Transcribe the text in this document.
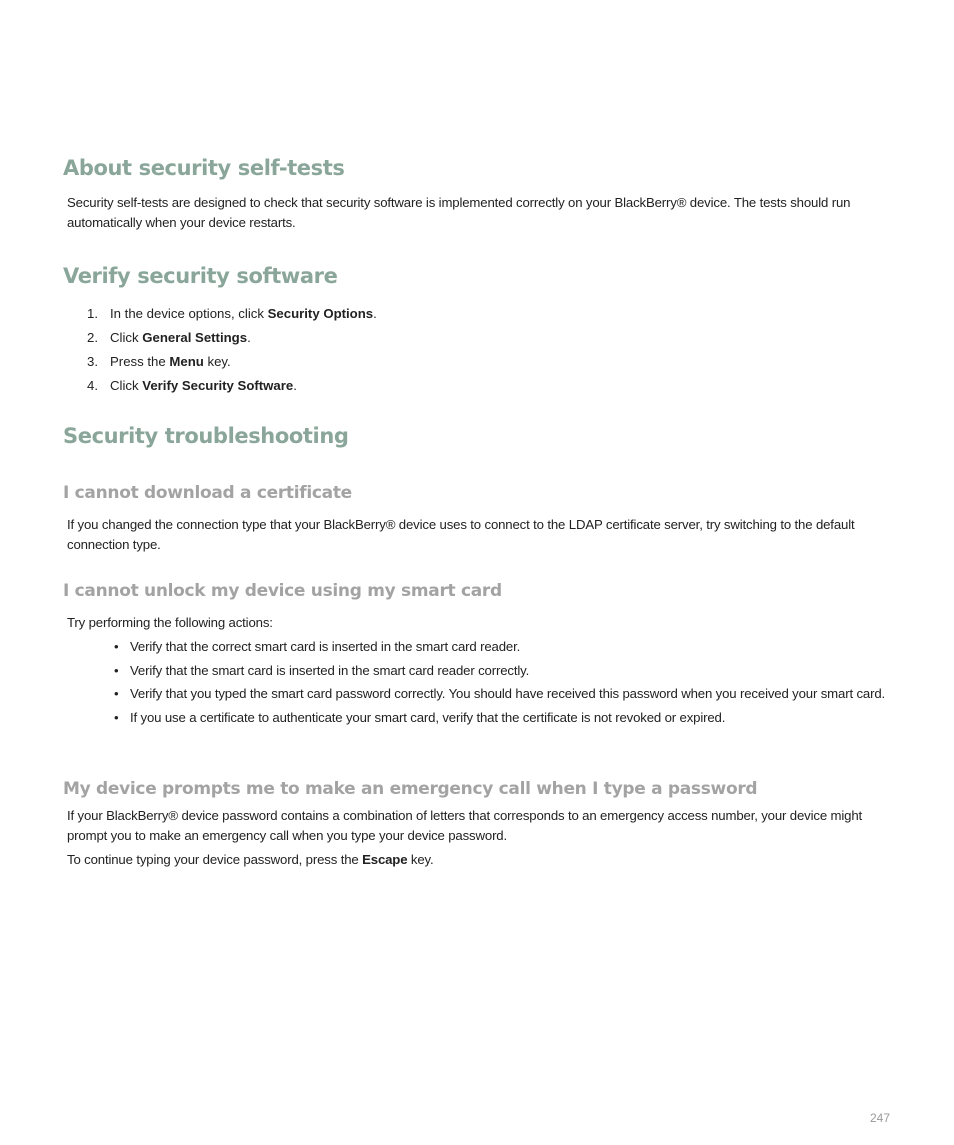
About security self-tests

Security self-tests are designed to check that security software is implemented correctly on your BlackBerry® device. The tests should run automatically when your device restarts.

Verify security software
1. In the device options, click Security Options.
2. Click General Settings.
3. Press the Menu key.
4. Click Verify Security Software.
Security troubleshooting
I cannot download a certificate

If you changed the connection type that your BlackBerry® device uses to connect to the LDAP certificate server, try switching to the default connection type.

I cannot unlock my device using my smart card

Try performing the following actions:

• Verify that the correct smart card is inserted in the smart card reader.
• Verify that the smart card is inserted in the smart card reader correctly.
• Verify that you typed the smart card password correctly. You should have received this password when you received your smart card.
• If you use a certificate to authenticate your smart card, verify that the certificate is not revoked or expired.
My device prompts me to make an emergency call when I type a password

If your BlackBerry® device password contains a combination of letters that corresponds to an emergency access number, your device might prompt you to make an emergency call when you type your device password.

To continue typing your device password, press the Escape key.

247
